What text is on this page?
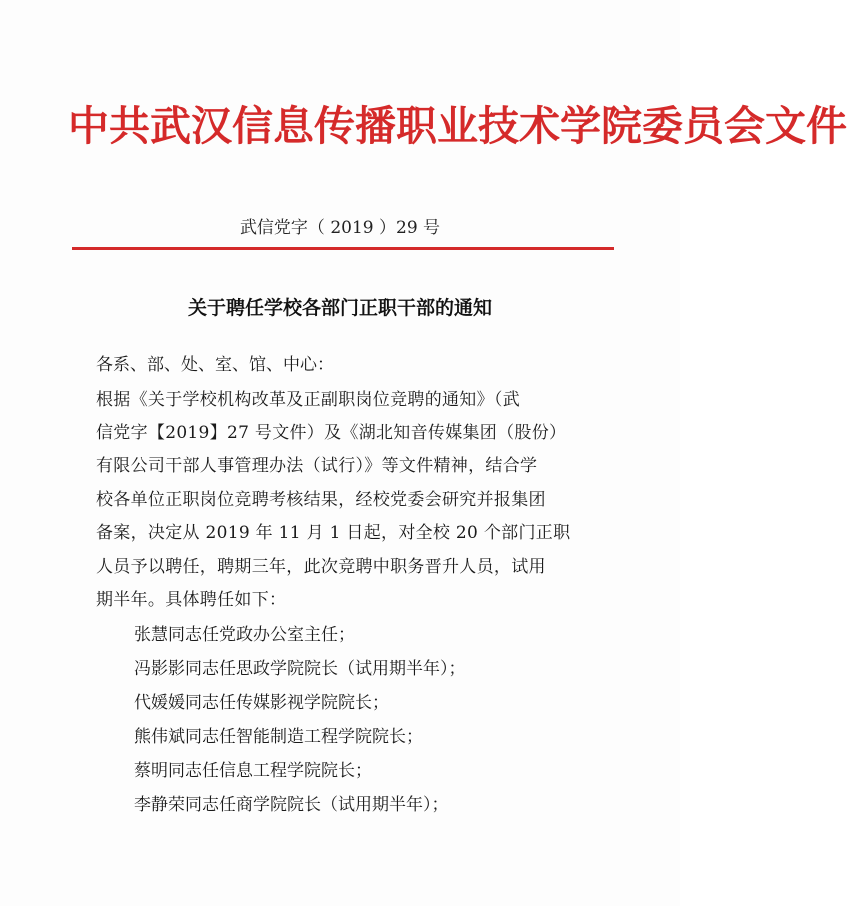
中共武汉信息传播职业技术学院委员会文件
武信党字（ 2019 ）29 号
关于聘任学校各部门正职干部的通知
各系、部、处、室、馆、中心：
根据《关于学校机构改革及正副职岗位竞聘的通知》（武
信党字【2019】27 号文件）及《湖北知音传媒集团（股份）
有限公司干部人事管理办法（试行）》等文件精神，结合学
校各单位正职岗位竞聘考核结果，经校党委会研究并报集团
备案，决定从 2019 年 11 月 1 日起，对全校 20 个部门正职
人员予以聘任，聘期三年，此次竞聘中职务晋升人员，试用
期半年。具体聘任如下：
张慧同志任党政办公室主任；
冯影影同志任思政学院院长（试用期半年）；
代媛媛同志任传媒影视学院院长；
熊伟斌同志任智能制造工程学院院长；
蔡明同志任信息工程学院院长；
李静荣同志任商学院院长（试用期半年）；
